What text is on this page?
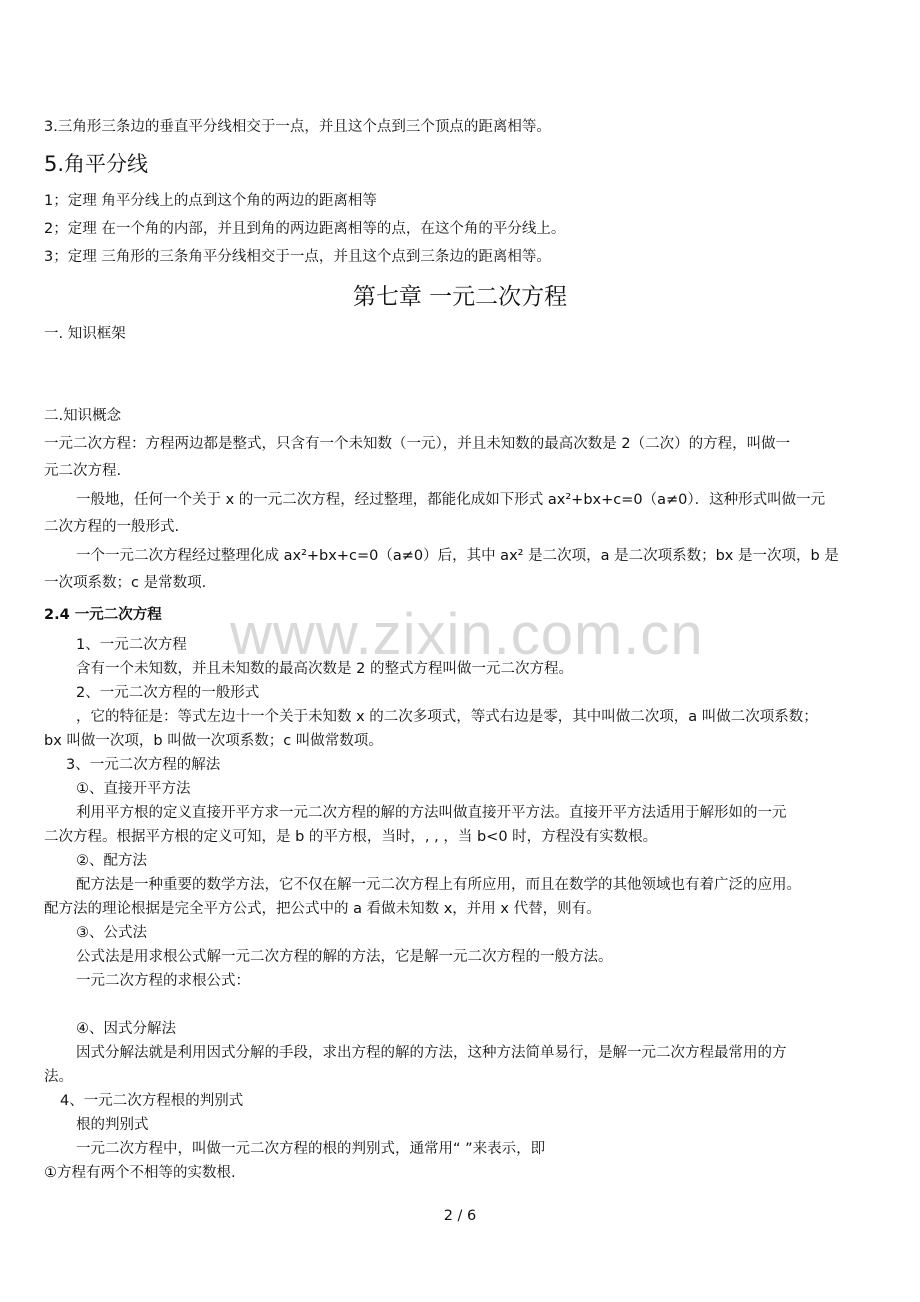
3.三角形三条边的垂直平分线相交于一点，并且这个点到三个顶点的距离相等。
5.角平分线
1；定理 角平分线上的点到这个角的两边的距离相等
2；定理 在一个角的内部，并且到角的两边距离相等的点，在这个角的平分线上。
3；定理 三角形的三条角平分线相交于一点，并且这个点到三条边的距离相等。
第七章 一元二次方程
一. 知识框架
二.知识概念
一元二次方程：方程两边都是整式，只含有一个未知数（一元），并且未知数的最高次数是 2（二次）的方程，叫做一
元二次方程.
一般地，任何一个关于 x 的一元二次方程，经过整理，都能化成如下形式 ax²+bx+c=0（a≠0）．这种形式叫做一元
二次方程的一般形式.
一个一元二次方程经过整理化成 ax²+bx+c=0（a≠0）后，其中 ax² 是二次项，a 是二次项系数；bx 是一次项，b 是
一次项系数；c 是常数项.
2.4 一元二次方程 www.zixin.com.cn
1、一元二次方程
含有一个未知数，并且未知数的最高次数是 2 的整式方程叫做一元二次方程。
2、一元二次方程的一般形式
，它的特征是：等式左边十一个关于未知数 x 的二次多项式，等式右边是零，其中叫做二次项，a 叫做二次项系数；
bx 叫做一次项，b 叫做一次项系数；c 叫做常数项。
3、一元二次方程的解法
①、直接开平方法
利用平方根的定义直接开平方求一元二次方程的解的方法叫做直接开平方法。直接开平方法适用于解形如的一元
二次方程。根据平方根的定义可知，是 b 的平方根，当时，, , ，当 b<0 时，方程没有实数根。
②、配方法
配方法是一种重要的数学方法，它不仅在解一元二次方程上有所应用，而且在数学的其他领域也有着广泛的应用。
配方法的理论根据是完全平方公式，把公式中的 a 看做未知数 x，并用 x 代替，则有。
③、公式法
公式法是用求根公式解一元二次方程的解的方法，它是解一元二次方程的一般方法。
一元二次方程的求根公式：
④、因式分解法
因式分解法就是利用因式分解的手段，求出方程的解的方法，这种方法简单易行，是解一元二次方程最常用的方
法。
4、一元二次方程根的判别式
根的判别式
一元二次方程中，叫做一元二次方程的根的判别式，通常用“ ”来表示，即
①方程有两个不相等的实数根.
2 / 6
